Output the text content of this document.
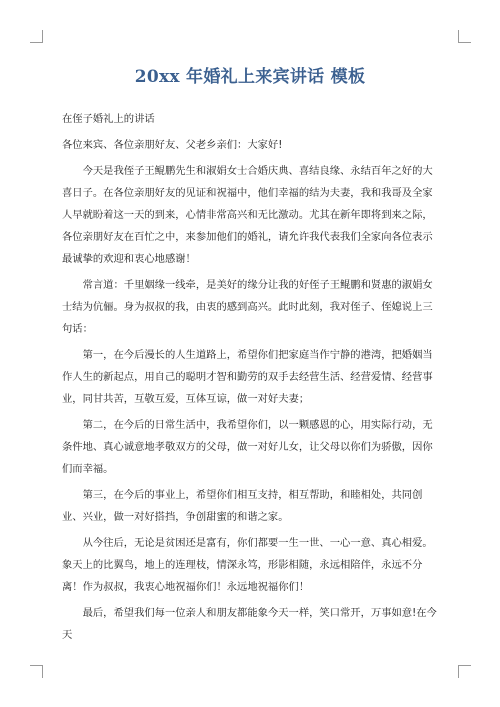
20xx 年婚礼上来宾讲话 模板

在侄子婚礼上的讲话

各位来宾、各位亲朋好友、父老乡亲们：大家好!

今天是我侄子王鲲鹏先生和淑娟女士合婚庆典、喜结良缘、永结百年之好的大喜日子。在各位亲朋好友的见证和祝福中，他们幸福的结为夫妻，我和我哥及全家人早就盼着这一天的到来，心情非常高兴和无比激动。尤其在新年即将到来之际，各位亲朋好友在百忙之中，来参加他们的婚礼，请允许我代表我们全家向各位表示最诚挚的欢迎和衷心地感谢！

常言道：千里姻缘一线牵，是美好的缘分让我的好侄子王鲲鹏和贤惠的淑娟女士结为伉俪。身为叔叔的我，由衷的感到高兴。此时此刻，我对侄子、侄媳说上三句话：

第一，在今后漫长的人生道路上，希望你们把家庭当作宁静的港湾，把婚姻当作人生的新起点，用自己的聪明才智和勤劳的双手去经营生活、经营爱情、经营事业，同甘共苦，互敬互爱，互体互谅，做一对好夫妻；

第二，在今后的日常生活中，我希望你们，以一颗感恩的心，用实际行动，无条件地、真心诚意地孝敬双方的父母，做一对好儿女，让父母以你们为骄傲，因你们而幸福。

第三，在今后的事业上，希望你们相互支持，相互帮助，和睦相处，共同创业、兴业，做一对好搭挡，争创甜蜜的和谐之家。

从今往后，无论是贫困还是富有，你们都要一生一世、一心一意、真心相爱。象天上的比翼鸟，地上的连理枝，情深永笃，形影相随，永远相陪伴，永远不分离！作为叔叔，我衷心地祝福你们！永远地祝福你们！

最后，希望我们每一位亲人和朋友都能象今天一样，笑口常开，万事如意!在今天
